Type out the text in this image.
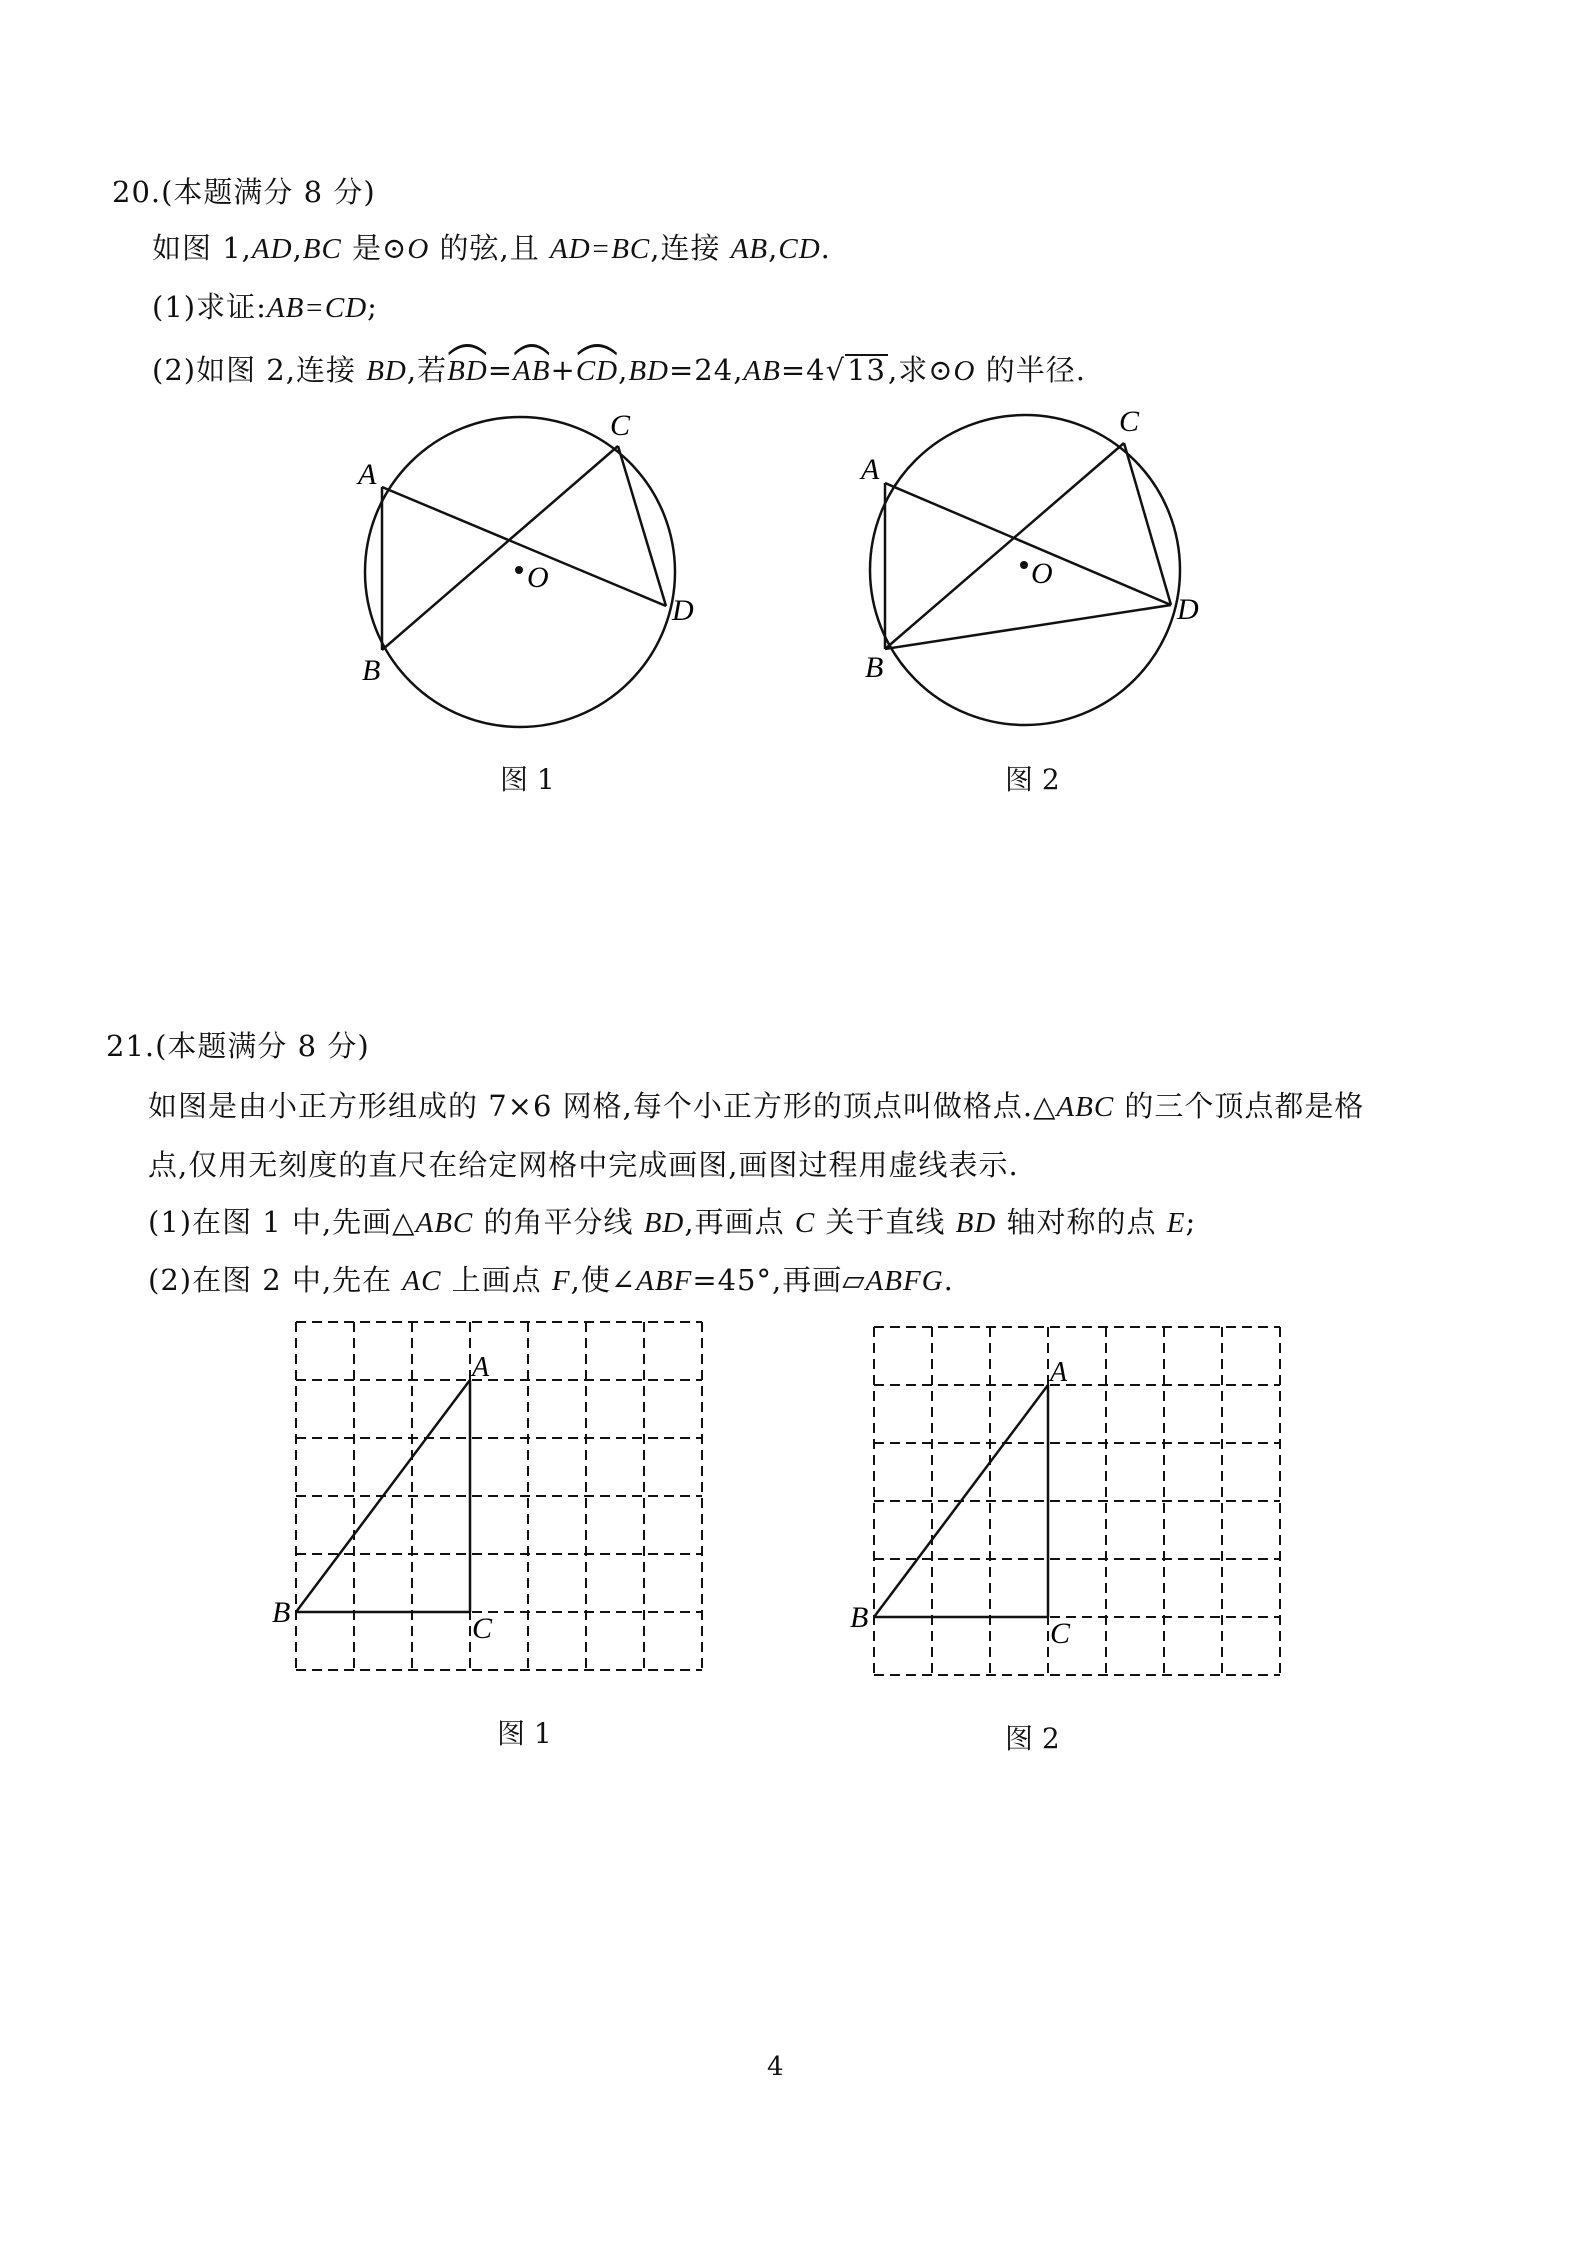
20.(本题满分 8 分)
如图 1,AD,BC 是⊙O 的弦,且 AD=BC,连接 AB,CD.
(1)求证:AB=CD;
(2)如图 2,连接 BD,若
BD=
AB+
CD,BD=24,AB=4√13,求⊙O 的半径.
A
B
C
D
O
图 1
A
B
C
D
O
图 2
21.(本题满分 8 分)
如图是由小正方形组成的 7×6 网格,每个小正方形的顶点叫做格点.△ABC 的三个顶点都是格
点,仅用无刻度的直尺在给定网格中完成画图,画图过程用虚线表示.
(1)在图 1 中,先画△ABC 的角平分线 BD,再画点 C 关于直线 BD 轴对称的点 E;
(2)在图 2 中,先在 AC 上画点 F,使∠ABF=45°,再画▱ABFG.
A
B	C
图 1
A
B	C
图 2
4
